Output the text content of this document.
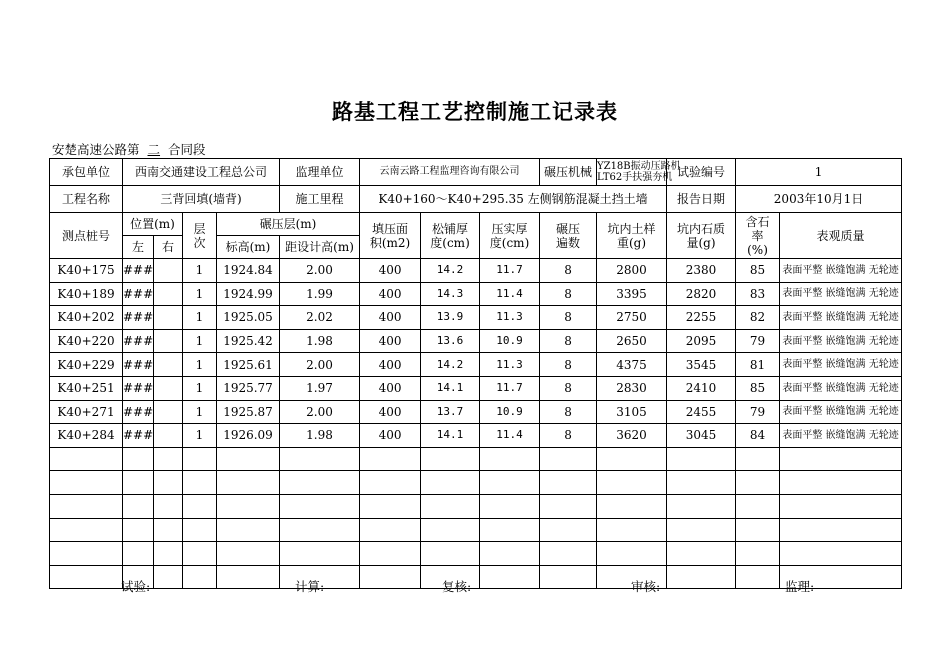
路基工程工艺控制施工记录表
安楚高速公路第 二 合同段
承包单位	西南交通建设工程总公司				监理单位	云南云路工程监理咨询有限公司			碾压机械	YZ18B振动压路机
LT62手扶强夯机	试验编号	1	
工程名称	三背回填(墙背)				施工里程	K40+160～K40+295.35 左侧钢筋混凝土挡土墙					报告日期	2003年10月1日	
测点桩号	位置(m)		层次	碾压层(m)		填压面积(m2)	松铺厚度(cm)	压实厚度(cm)	碾压遍数	坑内土样重(g)	坑内石质量(g)	含石率(%)	表观质量
	左	右		标高(m)	距设计高(m)								
K40+175	###		1	1924.84	2.00	400	14.2	11.7	8	2800	2380	85	表面平整 嵌缝饱满 无轮迹
K40+189	###		1	1924.99	1.99	400	14.3	11.4	8	3395	2820	83	表面平整 嵌缝饱满 无轮迹
K40+202	###		1	1925.05	2.02	400	13.9	11.3	8	2750	2255	82	表面平整 嵌缝饱满 无轮迹
K40+220	###		1	1925.42	1.98	400	13.6	10.9	8	2650	2095	79	表面平整 嵌缝饱满 无轮迹
K40+229	###		1	1925.61	2.00	400	14.2	11.3	8	4375	3545	81	表面平整 嵌缝饱满 无轮迹
K40+251	###		1	1925.77	1.97	400	14.1	11.7	8	2830	2410	85	表面平整 嵌缝饱满 无轮迹
K40+271	###		1	1925.87	2.00	400	13.7	10.9	8	3105	2455	79	表面平整 嵌缝饱满 无轮迹
K40+284	###		1	1926.09	1.98	400	14.1	11.4	8	3620	3045	84	表面平整 嵌缝饱满 无轮迹

试验:	计算:	复核:	审核:	监理:
